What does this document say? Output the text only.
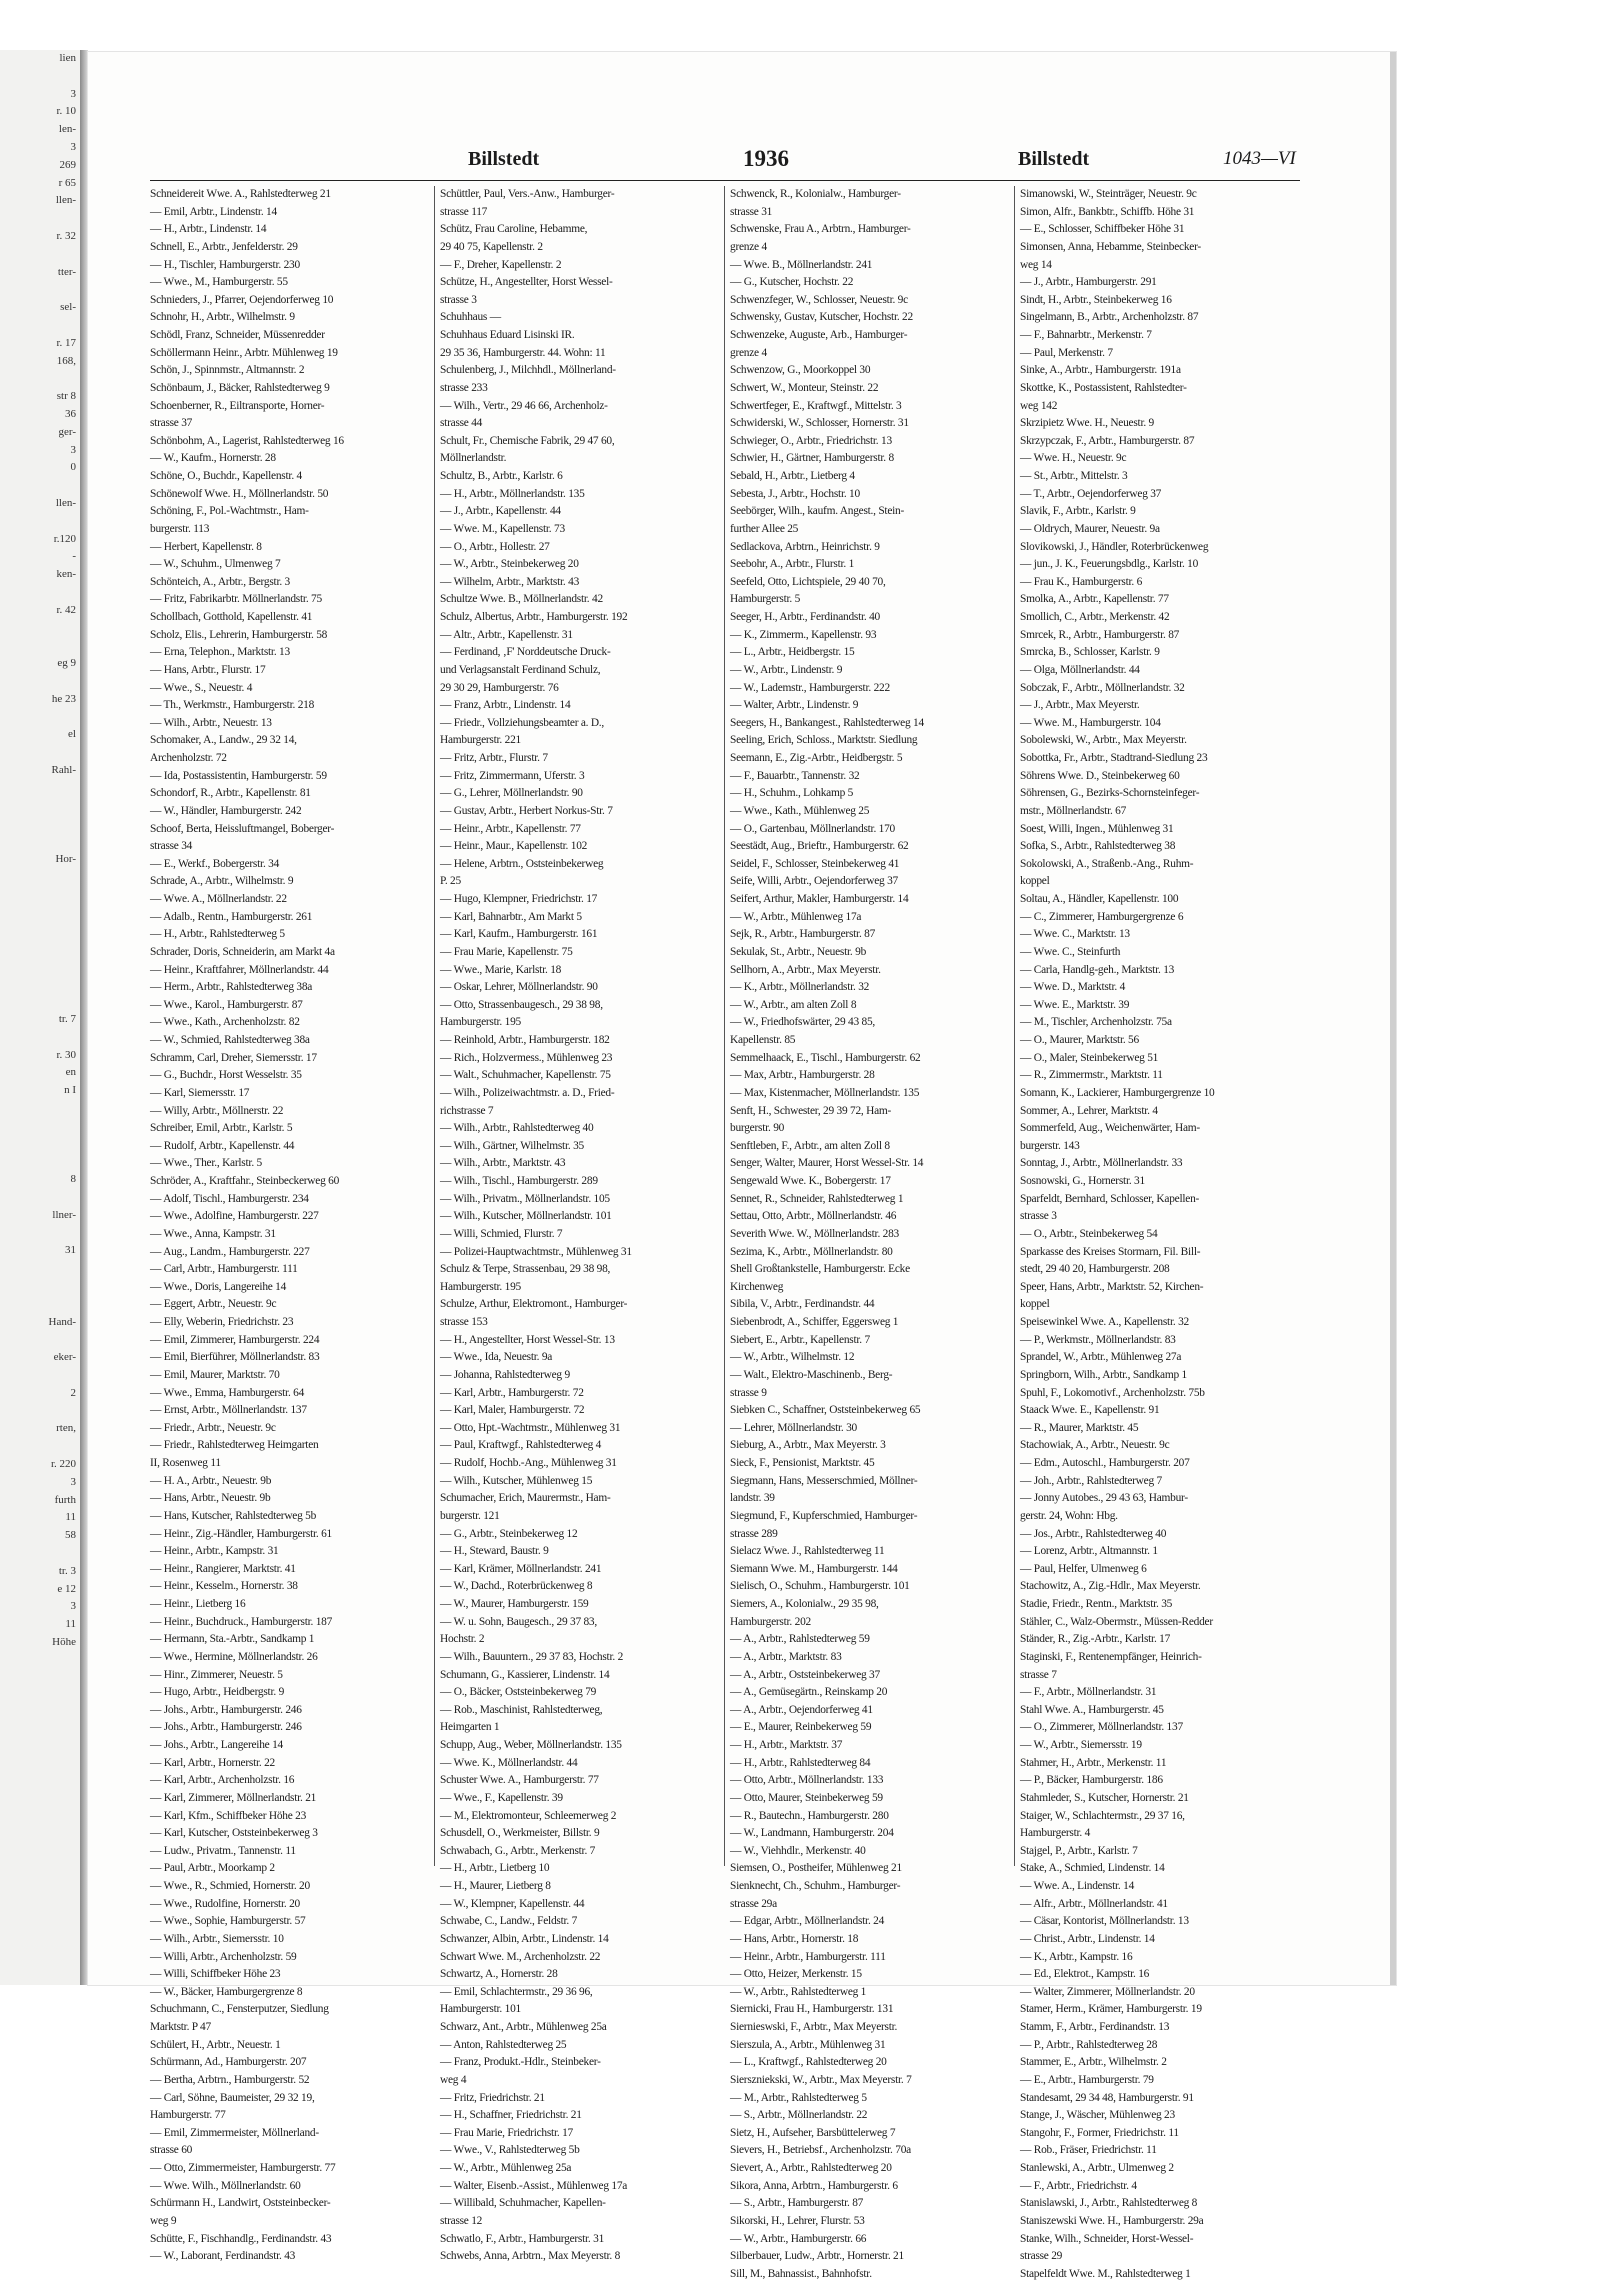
lien
3
r. 10
len-
3
269
r 65
llen-
r. 32
tter-
sel-
r. 17
168,
str 8
36
ger-
3
0
llen-
r.120
-
ken-
r. 42
eg 9
he 23
el
Rahl-
Hor-
tr. 7
r. 30
en
n I
8
llner-
31
Hand-
eker-
2
rten,
r. 220
3
furth
11
58
tr. 3
e 12
3
11
Höhe
Billstedt	1936	Billstedt	1043—VI
Schneidereit Wwe. A., Rahlstedterweg 21
— Emil, Arbtr., Lindenstr. 14
— H., Arbtr., Lindenstr. 14
Schnell, E., Arbtr., Jenfelderstr. 29
— H., Tischler, Hamburgerstr. 230
— Wwe., M., Hamburgerstr. 55
Schnieders, J., Pfarrer, Oejendorferweg 10
Schnohr, H., Arbtr., Wilhelmstr. 9
Schödl, Franz, Schneider, Müssenredder
Schöllermann Heinr., Arbtr. Mühlenweg 19
Schön, J., Spinnmstr., Altmannstr. 2
Schönbaum, J., Bäcker, Rahlstedterweg 9
Schoenberner, R., Eiltransporte, Horner-
strasse 37
Schönbohm, A., Lagerist, Rahlstedterweg 16
— W., Kaufm., Hornerstr. 28
Schöne, O., Buchdr., Kapellenstr. 4
Schönewolf Wwe. H., Möllnerlandstr. 50
Schöning, F., Pol.-Wachtmstr., Ham-
burgerstr. 113
— Herbert, Kapellenstr. 8
— W., Schuhm., Ulmenweg 7
Schönteich, A., Arbtr., Bergstr. 3
— Fritz, Fabrikarbtr. Möllnerlandstr. 75
Schollbach, Gotthold, Kapellenstr. 41
Scholz, Elis., Lehrerin, Hamburgerstr. 58
— Erna, Telephon., Marktstr. 13
— Hans, Arbtr., Flurstr. 17
— Wwe., S., Neuestr. 4
— Th., Werkmstr., Hamburgerstr. 218
— Wilh., Arbtr., Neuestr. 13
Schomaker, A., Landw., 29 32 14,
Archenholzstr. 72
— Ida, Postassistentin, Hamburgerstr. 59
Schondorf, R., Arbtr., Kapellenstr. 81
— W., Händler, Hamburgerstr. 242
Schoof, Berta, Heissluftmangel, Boberger-
strasse 34
— E., Werkf., Bobergerstr. 34
Schrade, A., Arbtr., Wilhelmstr. 9
— Wwe. A., Möllnerlandstr. 22
— Adalb., Rentn., Hamburgerstr. 261
— H., Arbtr., Rahlstedterweg 5
Schrader, Doris, Schneiderin, am Markt 4a
— Heinr., Kraftfahrer, Möllnerlandstr. 44
— Herm., Arbtr., Rahlstedterweg 38a
— Wwe., Karol., Hamburgerstr. 87
— Wwe., Kath., Archenholzstr. 82
— W., Schmied, Rahlstedterweg 38a
Schramm, Carl, Dreher, Siemersstr. 17
— G., Buchdr., Horst Wesselstr. 35
— Karl, Siemersstr. 17
— Willy, Arbtr., Möllnerstr. 22
Schreiber, Emil, Arbtr., Karlstr. 5
— Rudolf, Arbtr., Kapellenstr. 44
— Wwe., Ther., Karlstr. 5
Schröder, A., Kraftfahr., Steinbeckerweg 60
— Adolf, Tischl., Hamburgerstr. 234
— Wwe., Adolfine, Hamburgerstr. 227
— Wwe., Anna, Kampstr. 31
— Aug., Landm., Hamburgerstr. 227
— Carl, Arbtr., Hamburgerstr. 111
— Wwe., Doris, Langereihe 14
— Eggert, Arbtr., Neuestr. 9c
— Elly, Weberin, Friedrichstr. 23
— Emil, Zimmerer, Hamburgerstr. 224
— Emil, Bierführer, Möllnerlandstr. 83
— Emil, Maurer, Marktstr. 70
— Wwe., Emma, Hamburgerstr. 64
— Ernst, Arbtr., Möllnerlandstr. 137
— Friedr., Arbtr., Neuestr. 9c
— Friedr., Rahlstedterweg Heimgarten
II, Rosenweg 11
— H. A., Arbtr., Neuestr. 9b
— Hans, Arbtr., Neuestr. 9b
— Hans, Kutscher, Rahlstedterweg 5b
— Heinr., Zig.-Händler, Hamburgerstr. 61
— Heinr., Arbtr., Kampstr. 31
— Heinr., Rangierer, Marktstr. 41
— Heinr., Kesselm., Hornerstr. 38
— Heinr., Lietberg 16
— Heinr., Buchdruck., Hamburgerstr. 187
— Hermann, Sta.-Arbtr., Sandkamp 1
— Wwe., Hermine, Möllnerlandstr. 26
— Hinr., Zimmerer, Neuestr. 5
— Hugo, Arbtr., Heidbergstr. 9
— Johs., Arbtr., Hamburgerstr. 246
— Johs., Arbtr., Hamburgerstr. 246
— Johs., Arbtr., Langereihe 14
— Karl, Arbtr., Hornerstr. 22
— Karl, Arbtr., Archenholzstr. 16
— Karl, Zimmerer, Möllnerlandstr. 21
— Karl, Kfm., Schiffbeker Höhe 23
— Karl, Kutscher, Oststeinbekerweg 3
— Ludw., Privatm., Tannenstr. 11
— Paul, Arbtr., Moorkamp 2
— Wwe., R., Schmied, Hornerstr. 20
— Wwe., Rudolfine, Hornerstr. 20
— Wwe., Sophie, Hamburgerstr. 57
— Wilh., Arbtr., Siemersstr. 10
— Willi, Arbtr., Archenholzstr. 59
— Willi, Schiffbeker Höhe 23
— W., Bäcker, Hamburgergrenze 8
Schuchmann, C., Fensterputzer, Siedlung
Marktstr. P 47
Schülert, H., Arbtr., Neuestr. 1
Schürmann, Ad., Hamburgerstr. 207
— Bertha, Arbtrn., Hamburgerstr. 52
— Carl, Söhne, Baumeister, 29 32 19,
Hamburgerstr. 77
— Emil, Zimmermeister, Möllnerland-
strasse 60
— Otto, Zimmermeister, Hamburgerstr. 77
— Wwe. Wilh., Möllnerlandstr. 60
Schürmann H., Landwirt, Oststeinbecker-
weg 9
Schütte, F., Fischhandlg., Ferdinandstr. 43
— W., Laborant, Ferdinandstr. 43
Schüttler, Paul, Vers.-Anw., Hamburger-
strasse 117
Schütz, Frau Caroline, Hebamme,
29 40 75, Kapellenstr. 2
— F., Dreher, Kapellenstr. 2
Schütze, H., Angestellter, Horst Wessel-
strasse 3
Schuhhaus —
Schuhhaus Eduard Lisinski IR.
29 35 36, Hamburgerstr. 44. Wohn: 11
Schulenberg, J., Milchhdl., Möllnerland-
strasse 233
— Wilh., Vertr., 29 46 66, Archenholz-
strasse 44
Schult, Fr., Chemische Fabrik, 29 47 60,
Möllnerlandstr.
Schultz, B., Arbtr., Karlstr. 6
— H., Arbtr., Möllnerlandstr. 135
— J., Arbtr., Kapellenstr. 44
— Wwe. M., Kapellenstr. 73
— O., Arbtr., Hollestr. 27
— W., Arbtr., Steinbekerweg 20
— Wilhelm, Arbtr., Marktstr. 43
Schultze Wwe. B., Möllnerlandstr. 42
Schulz, Albertus, Arbtr., Hamburgerstr. 192
— Altr., Arbtr., Kapellenstr. 31
— Ferdinand, ‚F' Norddeutsche Druck-
und Verlagsanstalt Ferdinand Schulz,
29 30 29, Hamburgerstr. 76
— Franz, Arbtr., Lindenstr. 14
— Friedr., Vollziehungsbeamter a. D.,
Hamburgerstr. 221
— Fritz, Arbtr., Flurstr. 7
— Fritz, Zimmermann, Uferstr. 3
— G., Lehrer, Möllnerlandstr. 90
— Gustav, Arbtr., Herbert Norkus-Str. 7
— Heinr., Arbtr., Kapellenstr. 77
— Heinr., Maur., Kapellenstr. 102
— Helene, Arbtrn., Oststeinbekerweg
P. 25
— Hugo, Klempner, Friedrichstr. 17
— Karl, Bahnarbtr., Am Markt 5
— Karl, Kaufm., Hamburgerstr. 161
— Frau Marie, Kapellenstr. 75
— Wwe., Marie, Karlstr. 18
— Oskar, Lehrer, Möllnerlandstr. 90
— Otto, Strassenbaugesch., 29 38 98,
Hamburgerstr. 195
— Reinhold, Arbtr., Hamburgerstr. 182
— Rich., Holzvermess., Mühlenweg 23
— Walt., Schuhmacher, Kapellenstr. 75
— Wilh., Polizeiwachtmstr. a. D., Fried-
richstrasse 7
— Wilh., Arbtr., Rahlstedterweg 40
— Wilh., Gärtner, Wilhelmstr. 35
— Wilh., Arbtr., Marktstr. 43
— Wilh., Tischl., Hamburgerstr. 289
— Wilh., Privatm., Möllnerlandstr. 105
— Wilh., Kutscher, Möllnerlandstr. 101
— Willi, Schmied, Flurstr. 7
— Polizei-Hauptwachtmstr., Mühlenweg 31
Schulz & Terpe, Strassenbau, 29 38 98,
Hamburgerstr. 195
Schulze, Arthur, Elektromont., Hamburger-
strasse 153
— H., Angestellter, Horst Wessel-Str. 13
— Wwe., Ida, Neuestr. 9a
— Johanna, Rahlstedterweg 9
— Karl, Arbtr., Hamburgerstr. 72
— Karl, Maler, Hamburgerstr. 72
— Otto, Hpt.-Wachtmstr., Mühlenweg 31
— Paul, Kraftwgf., Rahlstedterweg 4
— Rudolf, Hochb.-Ang., Mühlenweg 31
— Wilh., Kutscher, Mühlenweg 15
Schumacher, Erich, Maurermstr., Ham-
burgerstr. 121
— G., Arbtr., Steinbekerweg 12
— H., Steward, Baustr. 9
— Karl, Krämer, Möllnerlandstr. 241
— W., Dachd., Roterbrückenweg 8
— W., Maurer, Hamburgerstr. 159
— W. u. Sohn, Baugesch., 29 37 83,
Hochstr. 2
— Wilh., Bauuntern., 29 37 83, Hochstr. 2
Schumann, G., Kassierer, Lindenstr. 14
— O., Bäcker, Oststeinbekerweg 79
— Rob., Maschinist, Rahlstedterweg,
Heimgarten 1
Schupp, Aug., Weber, Möllnerlandstr. 135
— Wwe. K., Möllnerlandstr. 44
Schuster Wwe. A., Hamburgerstr. 77
— Wwe., F., Kapellenstr. 39
— M., Elektromonteur, Schleemerweg 2
Schusdell, O., Werkmeister, Billstr. 9
Schwabach, G., Arbtr., Merkenstr. 7
— H., Arbtr., Lietberg 10
— H., Maurer, Lietberg 8
— W., Klempner, Kapellenstr. 44
Schwabe, C., Landw., Feldstr. 7
Schwanzer, Albin, Arbtr., Lindenstr. 14
Schwart Wwe. M., Archenholzstr. 22
Schwartz, A., Hornerstr. 28
— Emil, Schlachtermstr., 29 36 96,
Hamburgerstr. 101
Schwarz, Ant., Arbtr., Mühlenweg 25a
— Anton, Rahlstedterweg 25
— Franz, Produkt.-Hdlr., Steinbeker-
weg 4
— Fritz, Friedrichstr. 21
— H., Schaffner, Friedrichstr. 21
— Frau Marie, Friedrichstr. 17
— Wwe., V., Rahlstedterweg 5b
— W., Arbtr., Mühlenweg 25a
— Walter, Eisenb.-Assist., Mühlenweg 17a
— Willibald, Schuhmacher, Kapellen-
strasse 12
Schwatlo, F., Arbtr., Hamburgerstr. 31
Schwebs, Anna, Arbtrn., Max Meyerstr. 8
Schwenck, R., Kolonialw., Hamburger-
strasse 31
Schwenske, Frau A., Arbtrn., Hamburger-
grenze 4
— Wwe. B., Möllnerlandstr. 241
— G., Kutscher, Hochstr. 22
Schwenzfeger, W., Schlosser, Neuestr. 9c
Schwensky, Gustav, Kutscher, Hochstr. 22
Schwenzeke, Auguste, Arb., Hamburger-
grenze 4
Schwenzow, G., Moorkoppel 30
Schwert, W., Monteur, Steinstr. 22
Schwertfeger, E., Kraftwgf., Mittelstr. 3
Schwiderski, W., Schlosser, Hornerstr. 31
Schwieger, O., Arbtr., Friedrichstr. 13
Schwier, H., Gärtner, Hamburgerstr. 8
Sebald, H., Arbtr., Lietberg 4
Sebesta, J., Arbtr., Hochstr. 10
Seebörger, Wilh., kaufm. Angest., Stein-
further Allee 25
Sedlackova, Arbtrn., Heinrichstr. 9
Seebohr, A., Arbtr., Flurstr. 1
Seefeld, Otto, Lichtspiele, 29 40 70,
Hamburgerstr. 5
Seeger, H., Arbtr., Ferdinandstr. 40
— K., Zimmerm., Kapellenstr. 93
— L., Arbtr., Heidbergstr. 15
— W., Arbtr., Lindenstr. 9
— W., Lademstr., Hamburgerstr. 222
— Walter, Arbtr., Lindenstr. 9
Seegers, H., Bankangest., Rahlstedterweg 14
Seeling, Erich, Schloss., Marktstr. Siedlung
Seemann, E., Zig.-Arbtr., Heidbergstr. 5
— F., Bauarbtr., Tannenstr. 32
— H., Schuhm., Lohkamp 5
— Wwe., Kath., Mühlenweg 25
— O., Gartenbau, Möllnerlandstr. 170
Seestädt, Aug., Brieftr., Hamburgerstr. 62
Seidel, F., Schlosser, Steinbekerweg 41
Seife, Willi, Arbtr., Oejendorferweg 37
Seifert, Arthur, Makler, Hamburgerstr. 14
— W., Arbtr., Mühlenweg 17a
Sejk, R., Arbtr., Hamburgerstr. 87
Sekulak, St., Arbtr., Neuestr. 9b
Sellhorn, A., Arbtr., Max Meyerstr.
— K., Arbtr., Möllnerlandstr. 32
— W., Arbtr., am alten Zoll 8
— W., Friedhofswärter, 29 43 85,
Kapellenstr. 85
Semmelhaack, E., Tischl., Hamburgerstr. 62
— Max, Arbtr., Hamburgerstr. 28
— Max, Kistenmacher, Möllnerlandstr. 135
Senft, H., Schwester, 29 39 72, Ham-
burgerstr. 90
Senftleben, F., Arbtr., am alten Zoll 8
Senger, Walter, Maurer, Horst Wessel-Str. 14
Sengewald Wwe. K., Bobergerstr. 17
Sennet, R., Schneider, Rahlstedterweg 1
Settau, Otto, Arbtr., Möllnerlandstr. 46
Severith Wwe. W., Möllnerlandstr. 283
Sezima, K., Arbtr., Möllnerlandstr. 80
Shell Großtankstelle, Hamburgerstr. Ecke
Kirchenweg
Sibila, V., Arbtr., Ferdinandstr. 44
Siebenbrodt, A., Schiffer, Eggersweg 1
Siebert, E., Arbtr., Kapellenstr. 7
— W., Arbtr., Wilhelmstr. 12
— Walt., Elektro-Maschinenb., Berg-
strasse 9
Siebken C., Schaffner, Oststeinbekerweg 65
— Lehrer, Möllnerlandstr. 30
Sieburg, A., Arbtr., Max Meyerstr. 3
Sieck, F., Pensionist, Marktstr. 45
Siegmann, Hans, Messerschmied, Möllner-
landstr. 39
Siegmund, F., Kupferschmied, Hamburger-
strasse 289
Sielacz Wwe. J., Rahlstedterweg 11
Siemann Wwe. M., Hamburgerstr. 144
Sielisch, O., Schuhm., Hamburgerstr. 101
Siemers, A., Kolonialw., 29 35 98,
Hamburgerstr. 202
— A., Arbtr., Rahlstedterweg 59
— A., Arbtr., Marktstr. 83
— A., Arbtr., Oststeinbekerweg 37
— A., Gemüsegärtn., Reinskamp 20
— A., Arbtr., Oejendorferweg 41
— E., Maurer, Reinbekerweg 59
— H., Arbtr., Marktstr. 37
— H., Arbtr., Rahlstedterweg 84
— Otto, Arbtr., Möllnerlandstr. 133
— Otto, Maurer, Steinbekerweg 59
— R., Bautechn., Hamburgerstr. 280
— W., Landmann, Hamburgerstr. 204
— W., Viehhdlr., Merkenstr. 40
Siemsen, O., Postheifer, Mühlenweg 21
Sienknecht, Ch., Schuhm., Hamburger-
strasse 29a
— Edgar, Arbtr., Möllnerlandstr. 24
— Hans, Arbtr., Hornerstr. 18
— Heinr., Arbtr., Hamburgerstr. 111
— Otto, Heizer, Merkenstr. 15
— W., Arbtr., Rahlstedterweg 1
Siernicki, Frau H., Hamburgerstr. 131
Siernieswski, F., Arbtr., Max Meyerstr.
Sierszula, A., Arbtr., Mühlenweg 31
— L., Kraftwgf., Rahlstedterweg 20
Sierszniekski, W., Arbtr., Max Meyerstr. 7
— M., Arbtr., Rahlstedterweg 5
— S., Arbtr., Möllnerlandstr. 22
Sietz, H., Aufseher, Barsbüttelerweg 7
Sievers, H., Betriebsf., Archenholzstr. 70a
Sievert, A., Arbtr., Rahlstedterweg 20
Sikora, Anna, Arbtrn., Hamburgerstr. 6
— S., Arbtr., Hamburgerstr. 87
Sikorski, H., Lehrer, Flurstr. 53
— W., Arbtr., Hamburgerstr. 66
Silberbauer, Ludw., Arbtr., Hornerstr. 21
Sill, M., Bahnassist., Bahnhofstr.
Simanowski, W., Steinträger, Neuestr. 9c
Simon, Alfr., Bankbtr., Schiffb. Höhe 31
— E., Schlosser, Schiffbeker Höhe 31
Simonsen, Anna, Hebamme, Steinbecker-
weg 14
— J., Arbtr., Hamburgerstr. 291
Sindt, H., Arbtr., Steinbekerweg 16
Singelmann, B., Arbtr., Archenholzstr. 87
— F., Bahnarbtr., Merkenstr. 7
— Paul, Merkenstr. 7
Sinke, A., Arbtr., Hamburgerstr. 191a
Skottke, K., Postassistent, Rahlstedter-
weg 142
Skrzipietz Wwe. H., Neuestr. 9
Skrzypczak, F., Arbtr., Hamburgerstr. 87
— Wwe. H., Neuestr. 9c
— St., Arbtr., Mittelstr. 3
— T., Arbtr., Oejendorferweg 37
Slavik, F., Arbtr., Karlstr. 9
— Oldrych, Maurer, Neuestr. 9a
Slovikowski, J., Händler, Roterbrückenweg
— jun., J. K., Feuerungsbdlg., Karlstr. 10
— Frau K., Hamburgerstr. 6
Smolka, A., Arbtr., Kapellenstr. 77
Smollich, C., Arbtr., Merkenstr. 42
Smrcek, R., Arbtr., Hamburgerstr. 87
Smrcka, B., Schlosser, Karlstr. 9
— Olga, Möllnerlandstr. 44
Sobczak, F., Arbtr., Möllnerlandstr. 32
— J., Arbtr., Max Meyerstr.
— Wwe. M., Hamburgerstr. 104
Sobolewski, W., Arbtr., Max Meyerstr.
Sobottka, Fr., Arbtr., Stadtrand-Siedlung 23
Söhrens Wwe. D., Steinbekerweg 60
Söhrensen, G., Bezirks-Schornsteinfeger-
mstr., Möllnerlandstr. 67
Soest, Willi, Ingen., Mühlenweg 31
Sofka, S., Arbtr., Rahlstedterweg 38
Sokolowski, A., Straßenb.-Ang., Ruhm-
koppel
Soltau, A., Händler, Kapellenstr. 100
— C., Zimmerer, Hamburgergrenze 6
— Wwe. C., Marktstr. 13
— Wwe. C., Steinfurth
— Carla, Handlg-geh., Marktstr. 13
— Wwe. D., Marktstr. 4
— Wwe. E., Marktstr. 39
— M., Tischler, Archenholzstr. 75a
— O., Maurer, Marktstr. 56
— O., Maler, Steinbekerweg 51
— R., Zimmermstr., Marktstr. 11
Somann, K., Lackierer, Hamburgergrenze 10
Sommer, A., Lehrer, Marktstr. 4
Sommerfeld, Aug., Weichenwärter, Ham-
burgerstr. 143
Sonntag, J., Arbtr., Möllnerlandstr. 33
Sosnowski, G., Hornerstr. 31
Sparfeldt, Bernhard, Schlosser, Kapellen-
strasse 3
— O., Arbtr., Steinbekerweg 54
Sparkasse des Kreises Stormarn, Fil. Bill-
stedt, 29 40 20, Hamburgerstr. 208
Speer, Hans, Arbtr., Marktstr. 52, Kirchen-
koppel
Speisewinkel Wwe. A., Kapellenstr. 32
— P., Werkmstr., Möllnerlandstr. 83
Sprandel, W., Arbtr., Mühlenweg 27a
Springborn, Wilh., Arbtr., Sandkamp 1
Spuhl, F., Lokomotivf., Archenholzstr. 75b
Staack Wwe. E., Kapellenstr. 91
— R., Maurer, Marktstr. 45
Stachowiak, A., Arbtr., Neuestr. 9c
— Edm., Autoschl., Hamburgerstr. 207
— Joh., Arbtr., Rahlstedterweg 7
— Jonny Autobes., 29 43 63, Hambur-
gerstr. 24, Wohn: Hbg.
— Jos., Arbtr., Rahlstedterweg 40
— Lorenz, Arbtr., Altmannstr. 1
— Paul, Helfer, Ulmenweg 6
Stachowitz, A., Zig.-Hdlr., Max Meyerstr.
Stadie, Friedr., Rentn., Marktstr. 35
Stähler, C., Walz-Obermstr., Müssen-Redder
Ständer, R., Zig.-Arbtr., Karlstr. 17
Staginski, F., Rentenempfänger, Heinrich-
strasse 7
— F., Arbtr., Möllnerlandstr. 31
Stahl Wwe. A., Hamburgerstr. 45
— O., Zimmerer, Möllnerlandstr. 137
— W., Arbtr., Siemersstr. 19
Stahmer, H., Arbtr., Merkenstr. 11
— P., Bäcker, Hamburgerstr. 186
Stahmleder, S., Kutscher, Hornerstr. 21
Staiger, W., Schlachtermstr., 29 37 16,
Hamburgerstr. 4
Stajgel, P., Arbtr., Karlstr. 7
Stake, A., Schmied, Lindenstr. 14
— Wwe. A., Lindenstr. 14
— Alfr., Arbtr., Möllnerlandstr. 41
— Cäsar, Kontorist, Möllnerlandstr. 13
— Christ., Arbtr., Lindenstr. 14
— K., Arbtr., Kampstr. 16
— Ed., Elektrot., Kampstr. 16
— Walter, Zimmerer, Möllnerlandstr. 20
Stamer, Herm., Krämer, Hamburgerstr. 19
Stamm, F., Arbtr., Ferdinandstr. 13
— P., Arbtr., Rahlstedterweg 28
Stammer, E., Arbtr., Wilhelmstr. 2
— E., Arbtr., Hamburgerstr. 79
Standesamt, 29 34 48, Hamburgerstr. 91
Stange, J., Wäscher, Mühlenweg 23
Stangohr, F., Former, Friedrichstr. 11
— Rob., Fräser, Friedrichstr. 11
Stanlewski, A., Arbtr., Ulmenweg 2
— F., Arbtr., Friedrichstr. 4
Stanislawski, J., Arbtr., Rahlstedterweg 8
Staniszewski Wwe. H., Hamburgerstr. 29a
Stanke, Wilh., Schneider, Horst-Wessel-
strasse 29
Stapelfeldt Wwe. M., Rahlstedterweg 1
